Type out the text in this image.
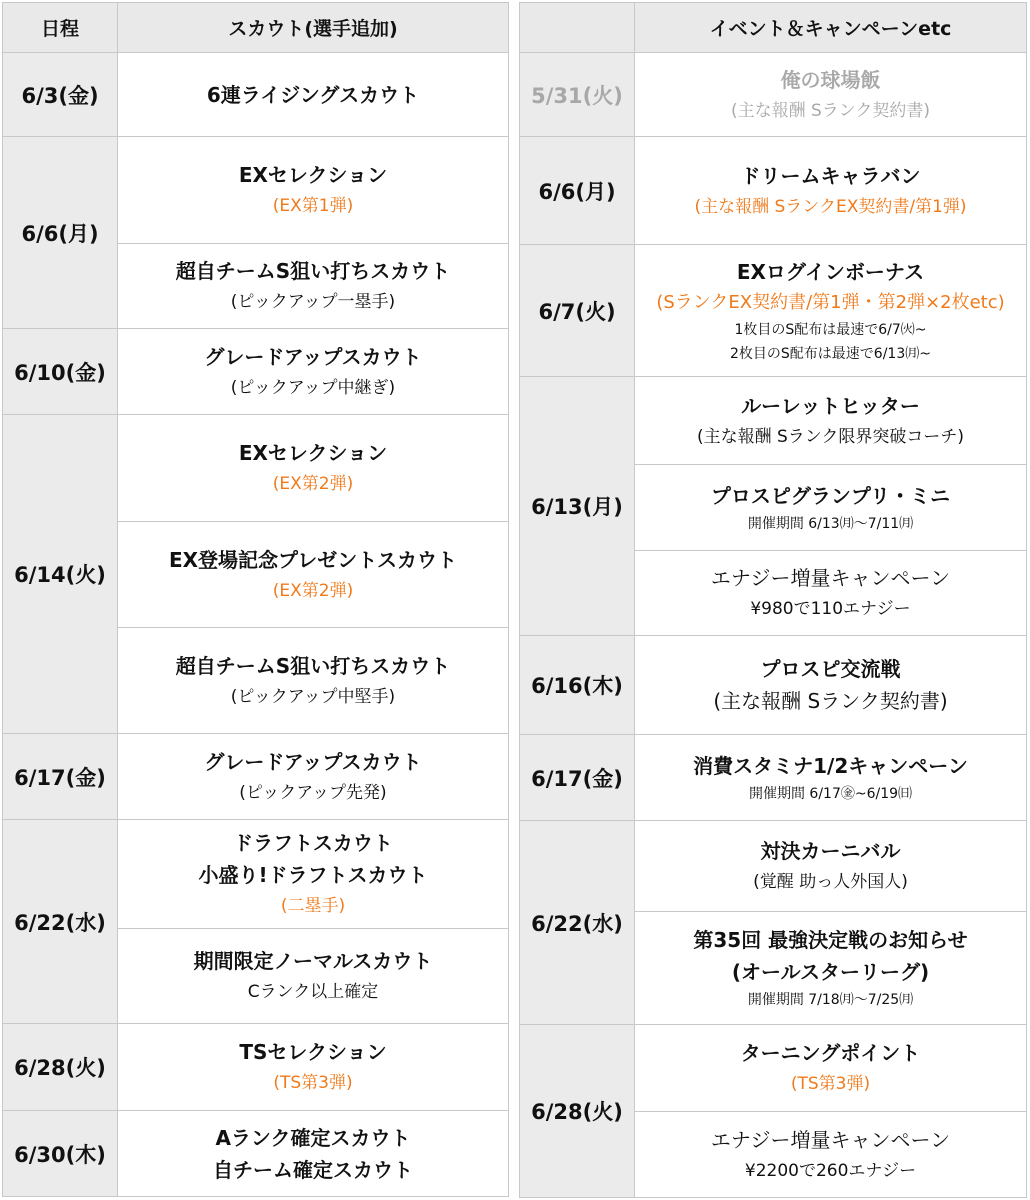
日程	スカウト(選手追加)
6/3(金)	6連ライジングスカウト

6/6(月)	EXセレクション
(EX第1弾)

	超自チームS狙い打ちスカウト
(ピックアップ一塁手)

6/10(金)	グレードアップスカウト
(ピックアップ中継ぎ)

6/14(火)	EXセレクション
(EX第2弾)

	EX登場記念プレゼントスカウト
(EX第2弾)

	超自チームS狙い打ちスカウト
(ピックアップ中堅手)

6/17(金)	グレードアップスカウト
(ピックアップ先発)

6/22(水)	ドラフトスカウト
小盛り!ドラフトスカウト
(二塁手)

	期間限定ノーマルスカウト
Cランク以上確定

6/28(火)	TSセレクション
(TS第3弾)

6/30(木)	Aランク確定スカウト
自チーム確定スカウト
	イベント＆キャンペーンetc
5/31(火)	俺の球場飯
(主な報酬 Sランク契約書)

6/6(月)	ドリームキャラバン
(主な報酬 SランクEX契約書/第1弾)

6/7(火)	EXログインボーナス
(SランクEX契約書/第1弾・第2弾×2枚etc)
1枚目のS配布は最速で6/7㈫~
2枚目のS配布は最速で6/13㈪~

6/13(月)	ルーレットヒッター
(主な報酬 Sランク限界突破コーチ)

	プロスピグランプリ・ミニ
開催期間 6/13㈪〜7/11㈪

	エナジー増量キャンペーン
¥980で110エナジー

6/16(木)	プロスピ交流戦
(主な報酬 Sランク契約書)

6/17(金)	消費スタミナ1/2キャンペーン
開催期間 6/17㊎~6/19㈰

6/22(水)	対決カーニバル
(覚醒 助っ人外国人)

	第35回 最強決定戦のお知らせ
(オールスターリーグ)
開催期間 7/18㈪〜7/25㈪

6/28(火)	ターニングポイント
(TS第3弾)

	エナジー増量キャンペーン
¥2200で260エナジー
